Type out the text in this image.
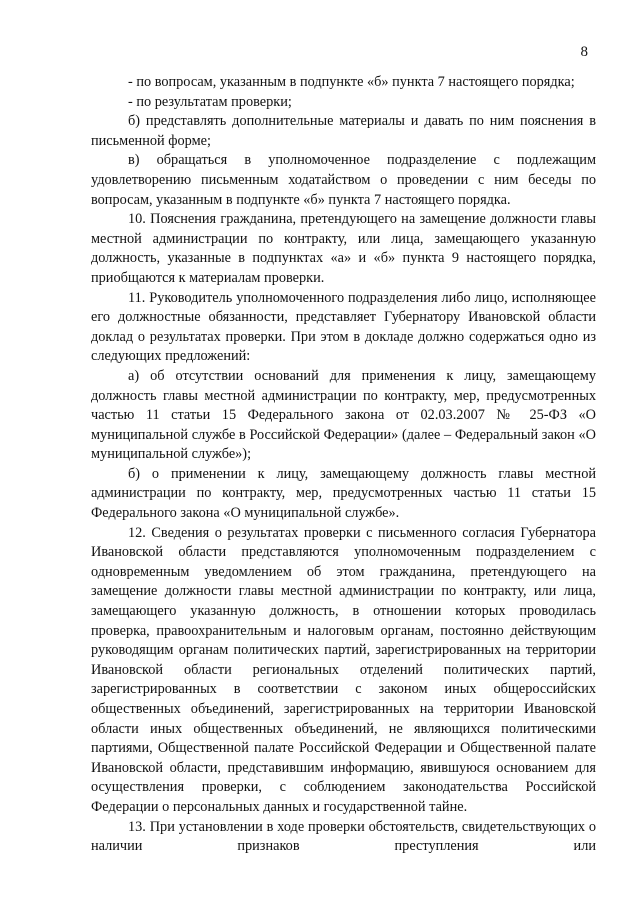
8

- по вопросам, указанным в подпункте «б» пункта 7 настоящего порядка;

- по результатам проверки;

б) представлять дополнительные материалы и давать по ним пояснения в письменной форме;

в) обращаться в уполномоченное подразделение с подлежащим удовлетворению письменным ходатайством о проведении с ним беседы по вопросам, указанным в подпункте «б» пункта 7 настоящего порядка.

10. Пояснения гражданина, претендующего на замещение должности главы местной администрации по контракту, или лица, замещающего указанную должность, указанные в подпунктах «а» и «б» пункта 9 настоящего порядка, приобщаются к материалам проверки.

11. Руководитель уполномоченного подразделения либо лицо, исполняющее его должностные обязанности, представляет Губернатору Ивановской области доклад о результатах проверки. При этом в докладе должно содержаться одно из следующих предложений:

а) об отсутствии оснований для применения к лицу, замещающему должность главы местной администрации по контракту, мер, предусмотренных частью 11 статьи 15 Федерального закона от 02.03.2007 № 25-ФЗ «О муниципальной службе в Российской Федерации» (далее – Федеральный закон «О муниципальной службе»);

б) о применении к лицу, замещающему должность главы местной администрации по контракту, мер, предусмотренных частью 11 статьи 15 Федерального закона «О муниципальной службе».

12. Сведения о результатах проверки с письменного согласия Губернатора Ивановской области представляются уполномоченным подразделением с одновременным уведомлением об этом гражданина, претендующего на замещение должности главы местной администрации по контракту, или лица, замещающего указанную должность, в отношении которых проводилась проверка, правоохранительным и налоговым органам, постоянно действующим руководящим органам политических партий, зарегистрированных на территории Ивановской области региональных отделений политических партий, зарегистрированных в соответствии с законом иных общероссийских общественных объединений, зарегистрированных на территории Ивановской области иных общественных объединений, не являющихся политическими партиями, Общественной палате Российской Федерации и Общественной палате Ивановской области, представившим информацию, явившуюся основанием для осуществления проверки, с соблюдением законодательства Российской Федерации о персональных данных и государственной тайне.

13. При установлении в ходе проверки обстоятельств, свидетельствующих о наличии признаков преступления или
